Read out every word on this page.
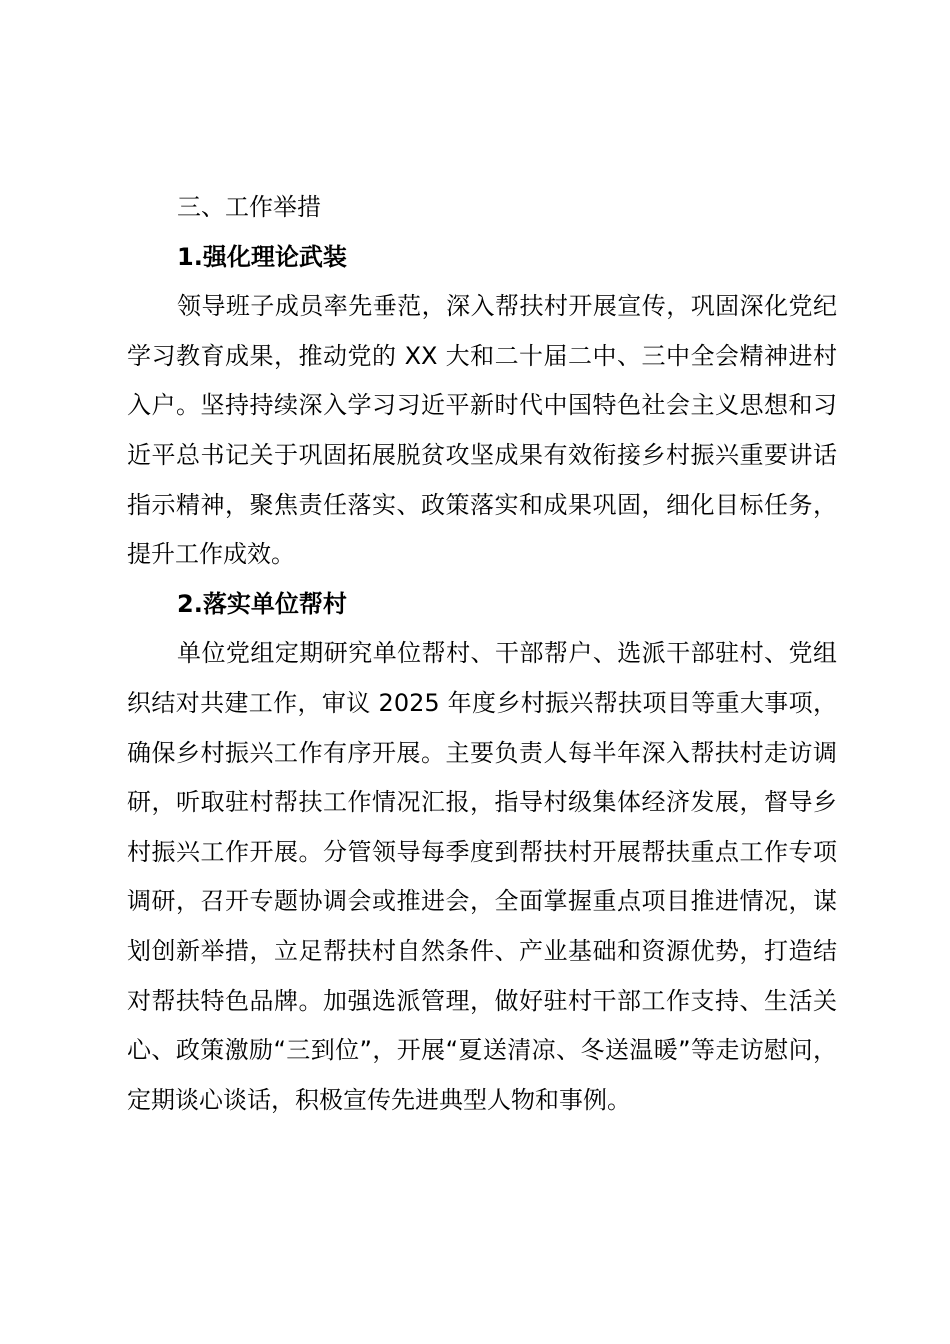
三、工作举措

1.强化理论武装

领导班子成员率先垂范，深入帮扶村开展宣传，巩固深化党纪学习教育成果，推动党的 XX 大和二十届二中、三中全会精神进村入户。坚持持续深入学习习近平新时代中国特色社会主义思想和习近平总书记关于巩固拓展脱贫攻坚成果有效衔接乡村振兴重要讲话指示精神，聚焦责任落实、政策落实和成果巩固，细化目标任务，提升工作成效。

2.落实单位帮村

单位党组定期研究单位帮村、干部帮户、选派干部驻村、党组织结对共建工作，审议 2025 年度乡村振兴帮扶项目等重大事项，确保乡村振兴工作有序开展。主要负责人每半年深入帮扶村走访调研，听取驻村帮扶工作情况汇报，指导村级集体经济发展，督导乡村振兴工作开展。分管领导每季度到帮扶村开展帮扶重点工作专项调研，召开专题协调会或推进会，全面掌握重点项目推进情况，谋划创新举措，立足帮扶村自然条件、产业基础和资源优势，打造结对帮扶特色品牌。加强选派管理，做好驻村干部工作支持、生活关心、政策激励“三到位”，开展“夏送清凉、冬送温暖”等走访慰问，定期谈心谈话，积极宣传先进典型人物和事例。
